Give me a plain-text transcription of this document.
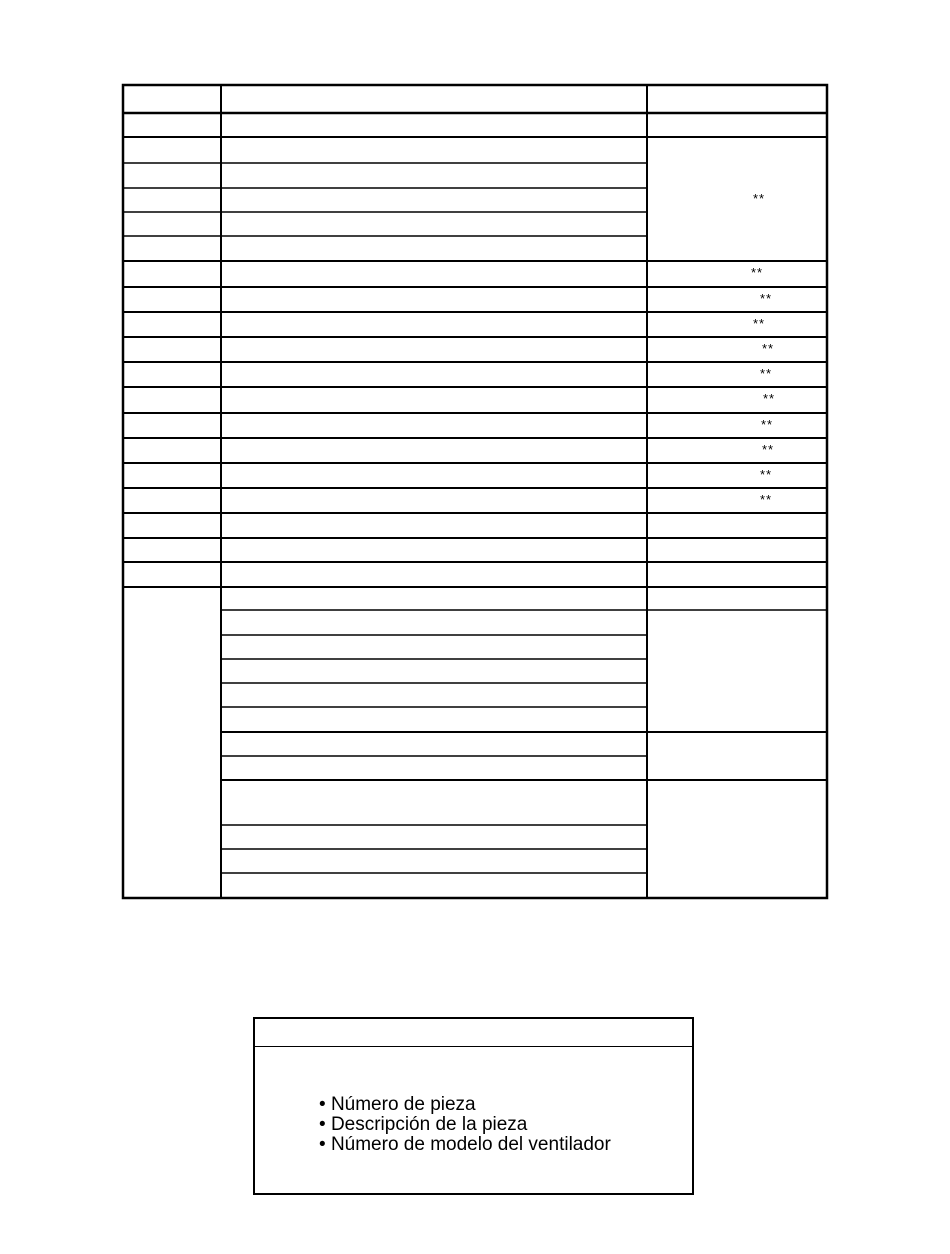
**
**
**
**
**
**
**
**
**
**
**
• Número de pieza
• Descripción de la pieza
• Número de modelo del ventilador
